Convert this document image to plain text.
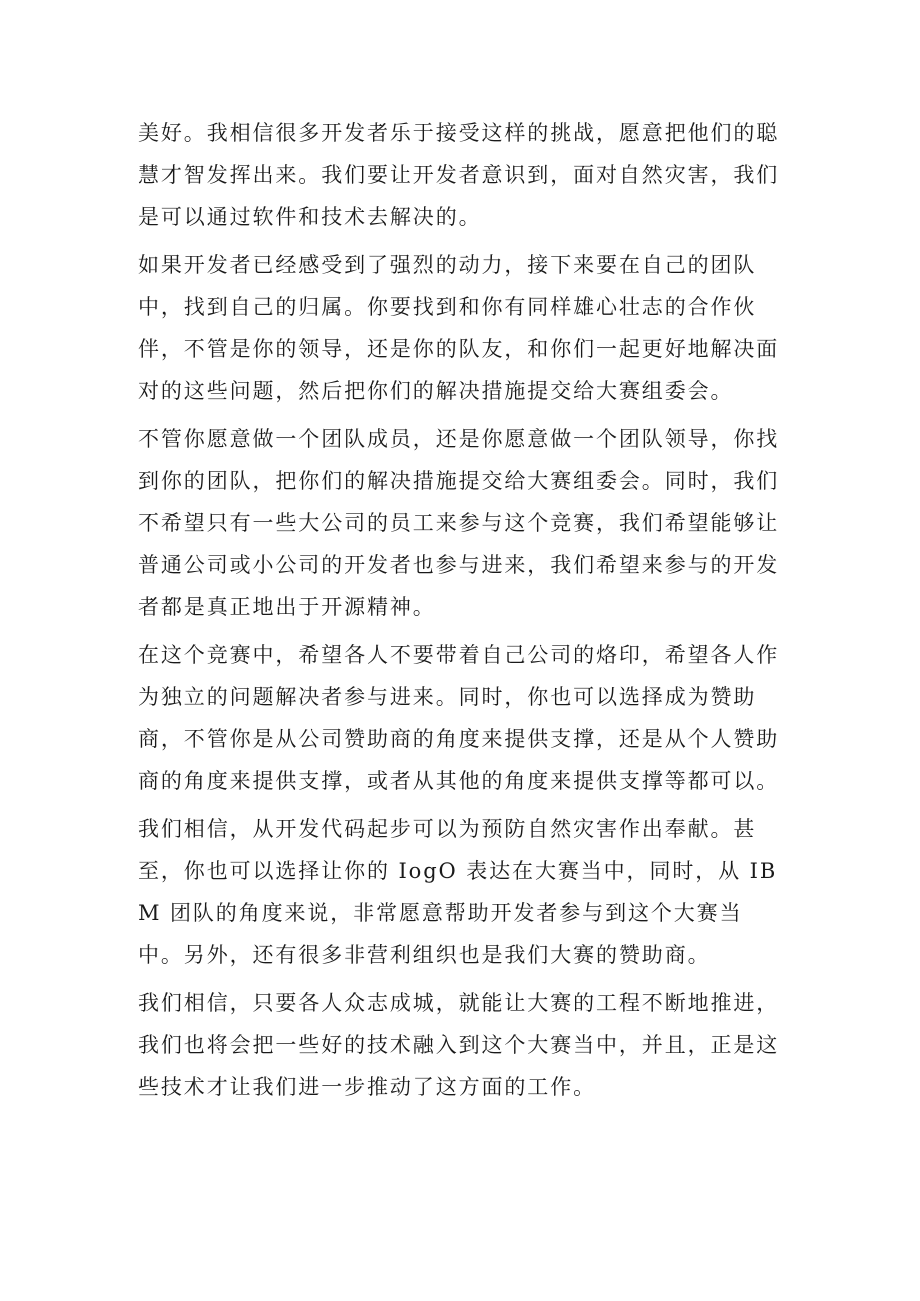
美好。我相信很多开发者乐于接受这样的挑战，愿意把他们的聪慧才智发挥出来。我们要让开发者意识到，面对自然灾害，我们是可以通过软件和技术去解决的。

如果开发者已经感受到了强烈的动力，接下来要在自己的团队中，找到自己的归属。你要找到和你有同样雄心壮志的合作伙伴，不管是你的领导，还是你的队友，和你们一起更好地解决面对的这些问题，然后把你们的解决措施提交给大赛组委会。

不管你愿意做一个团队成员，还是你愿意做一个团队领导，你找到你的团队，把你们的解决措施提交给大赛组委会。同时，我们不希望只有一些大公司的员工来参与这个竞赛，我们希望能够让普通公司或小公司的开发者也参与进来，我们希望来参与的开发者都是真正地出于开源精神。

在这个竞赛中，希望各人不要带着自己公司的烙印，希望各人作为独立的问题解决者参与进来。同时，你也可以选择成为赞助商，不管你是从公司赞助商的角度来提供支撑，还是从个人赞助商的角度来提供支撑，或者从其他的角度来提供支撑等都可以。

我们相信，从开发代码起步可以为预防自然灾害作出奉献。甚至，你也可以选择让你的 IogO 表达在大赛当中，同时，从 IBM 团队的角度来说，非常愿意帮助开发者参与到这个大赛当中。另外，还有很多非营利组织也是我们大赛的赞助商。

我们相信，只要各人众志成城，就能让大赛的工程不断地推进，我们也将会把一些好的技术融入到这个大赛当中，并且，正是这些技术才让我们进一步推动了这方面的工作。
